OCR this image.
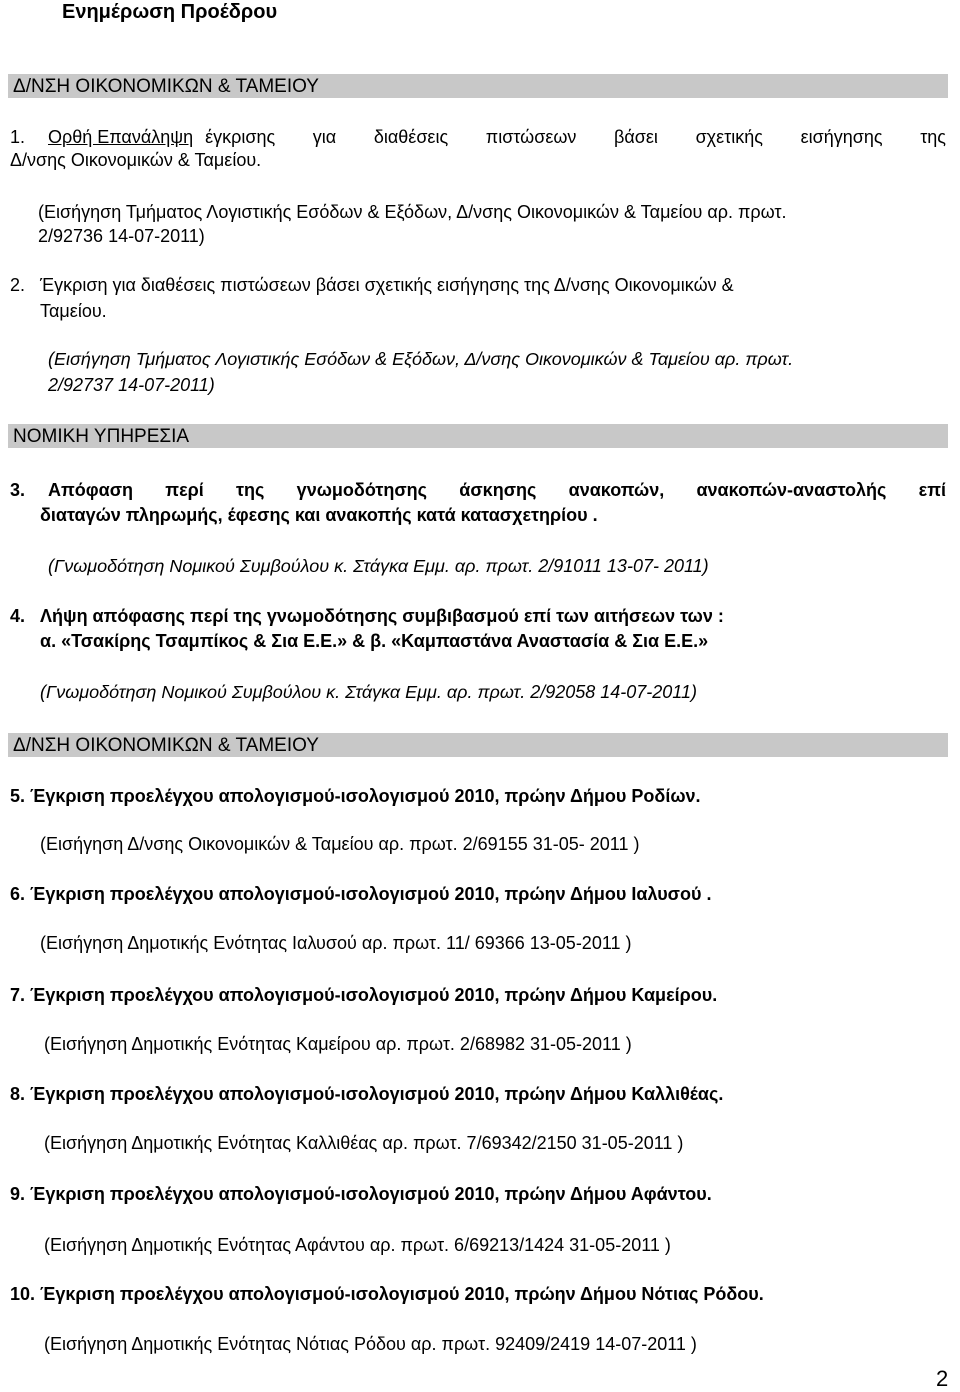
Ενημέρωση Προέδρου
Δ/ΝΣΗ ΟΙΚΟΝΟΜΙΚΩΝ & ΤΑΜΕΙΟΥ
1. Ορθή Επανάληψη έγκρισης για διαθέσεις πιστώσεων βάσει σχετικής εισήγησης της
Δ/νσης Οικονομικών & Ταμείου.
(Εισήγηση Τμήματος Λογιστικής Εσόδων & Εξόδων, Δ/νσης Οικονομικών & Ταμείου αρ. πρωτ.
2/92736 14-07-2011)
2. Έγκριση για διαθέσεις πιστώσεων βάσει σχετικής εισήγησης της Δ/νσης Οικονομικών &
Ταμείου.
(Εισήγηση Τμήματος Λογιστικής Εσόδων & Εξόδων, Δ/νσης Οικονομικών & Ταμείου αρ. πρωτ.
2/92737 14-07-2011)
ΝΟΜΙΚΗ ΥΠΗΡΕΣΙΑ
3. Απόφαση περί της γνωμοδότησης άσκησης ανακοπών, ανακοπών-αναστολής επί
διαταγών πληρωμής, έφεσης και ανακοπής κατά κατασχετηρίου .
(Γνωμοδότηση Νομικού Συμβούλου κ. Στάγκα Εμμ. αρ. πρωτ. 2/91011 13-07- 2011)
4. Λήψη απόφασης περί της γνωμοδότησης συμβιβασμού επί των αιτήσεων των :
α. «Τσακίρης Τσαμπίκος & Σια Ε.Ε.» & β. «Καμπαστάνα Αναστασία & Σια Ε.Ε.»
(Γνωμοδότηση Νομικού Συμβούλου κ. Στάγκα Εμμ. αρ. πρωτ. 2/92058 14-07-2011)
Δ/ΝΣΗ ΟΙΚΟΝΟΜΙΚΩΝ & ΤΑΜΕΙΟΥ
5. Έγκριση προελέγχου απολογισμού-ισολογισμού 2010, πρώην Δήμου Ροδίων.
(Εισήγηση Δ/νσης Οικονομικών & Ταμείου αρ. πρωτ. 2/69155 31-05- 2011 )
6. Έγκριση προελέγχου απολογισμού-ισολογισμού 2010, πρώην Δήμου Ιαλυσού .
(Εισήγηση Δημοτικής Ενότητας Ιαλυσού αρ. πρωτ. 11/ 69366 13-05-2011 )
7. Έγκριση προελέγχου απολογισμού-ισολογισμού 2010, πρώην Δήμου Καμείρου.
(Εισήγηση Δημοτικής Ενότητας Καμείρου αρ. πρωτ. 2/68982 31-05-2011 )
8. Έγκριση προελέγχου απολογισμού-ισολογισμού 2010, πρώην Δήμου Καλλιθέας.
(Εισήγηση Δημοτικής Ενότητας Καλλιθέας αρ. πρωτ. 7/69342/2150 31-05-2011 )
9. Έγκριση προελέγχου απολογισμού-ισολογισμού 2010, πρώην Δήμου Αφάντου.
(Εισήγηση Δημοτικής Ενότητας Αφάντου αρ. πρωτ. 6/69213/1424 31-05-2011 )
10. Έγκριση προελέγχου απολογισμού-ισολογισμού 2010, πρώην Δήμου Νότιας Ρόδου.
(Εισήγηση Δημοτικής Ενότητας Νότιας Ρόδου αρ. πρωτ. 92409/2419 14-07-2011 )
2
